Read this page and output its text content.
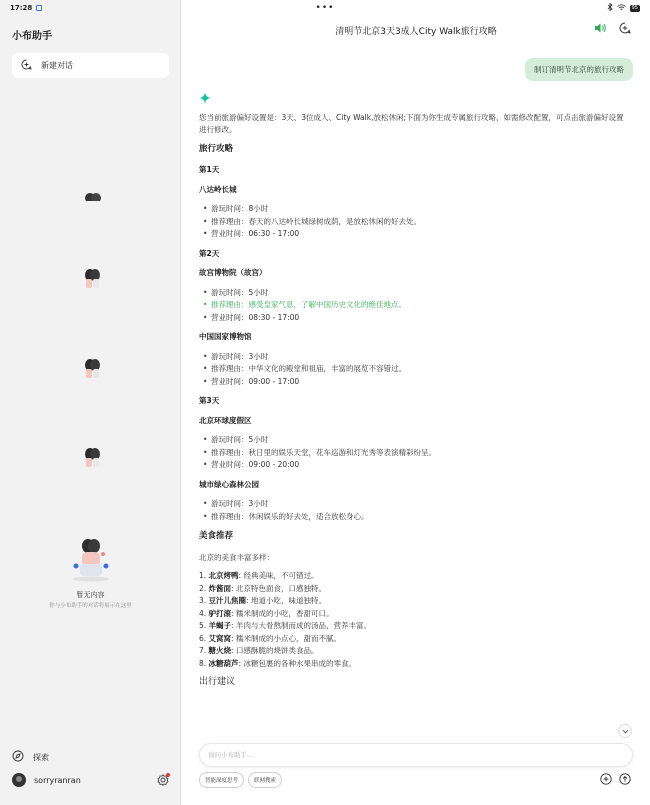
17:28	•••	95
小布助手
新建对话
暂无内容
你与小布助手的对话将展示在这里
探索
sorryranran
清明节北京3天3成人City Walk旅行攻略
制订清明节北京的旅行攻略

您当前旅游偏好设置是：3天、3位成人、City Walk,放松休闲;下面为你生成专属旅行攻略，如需修改配置，可点击旅游偏好设置进行修改。

旅行攻略
第1天
八达岭长城
• 游玩时间：8小时
• 推荐理由：春天的八达岭长城绿树成荫，是放松休闲的好去处。
• 营业时间：06:30 - 17:00
第2天
故宫博物院（故宫）
• 游玩时间：5小时
• 推荐理由：感受皇家气息，了解中国历史文化的绝佳地点。
• 营业时间：08:30 - 17:00
中国国家博物馆
• 游玩时间：3小时
• 推荐理由：中华文化的殿堂和祖庙，丰富的展览不容错过。
• 营业时间：09:00 - 17:00
第3天
北京环球度假区
• 游玩时间：5小时
• 推荐理由：秋日里的娱乐天堂，花车巡游和灯光秀等表演精彩纷呈。
• 营业时间：09:00 - 20:00
城市绿心森林公园
• 游玩时间：3小时
• 推荐理由：休闲娱乐的好去处，适合放松身心。
美食推荐

北京的美食丰富多样：

1. 北京烤鸭: 经典美味，不可错过。
2. 炸酱面: 北京特色面食，口感独特。
3. 豆汁儿焦圈: 地道小吃，味道独特。
4. 驴打滚: 糯米制成的小吃，香甜可口。
5. 羊蝎子: 羊肉与大骨熬制而成的汤品，营养丰富。
6. 艾窝窝: 糯米制成的小点心，甜而不腻。
7. 糖火烧: 口感酥脆的烧饼类食品。
8. 冰糖葫芦: 冰糖包裹的各种水果串成的零食。
出行建议
询问小布助手...
智能深度思考	联网搜索
